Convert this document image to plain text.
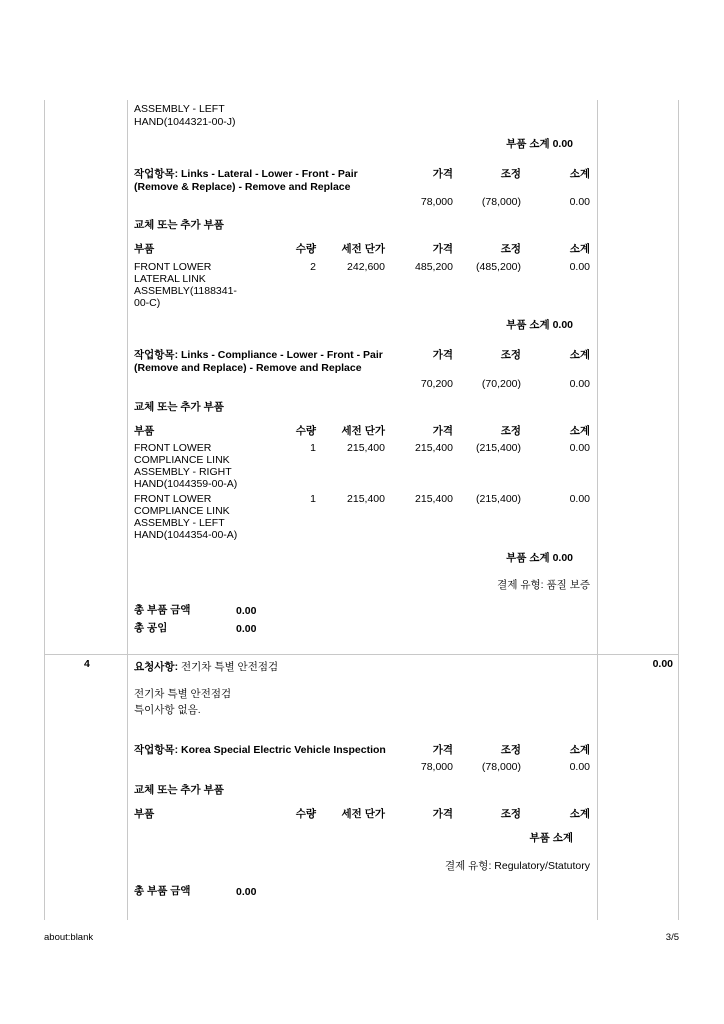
ASSEMBLY - LEFT
HAND(1044321-00-J)
부품 소계 0.00
작업항목: Links - Lateral - Lower - Front - Pair
(Remove & Replace) - Remove and Replace
가격	조정	소계
78,000	(78,000)	0.00
교체 또는 추가 부품
부품	수량	세전 단가	가격	조정	소계
FRONT LOWER
LATERAL LINK
ASSEMBLY(1188341-
00-C)
2	242,600	485,200	(485,200)	0.00
부품 소계 0.00
작업항목: Links - Compliance - Lower - Front - Pair
(Remove and Replace) - Remove and Replace
가격	조정	소계
70,200	(70,200)	0.00
교체 또는 추가 부품
부품	수량	세전 단가	가격	조정	소계
FRONT LOWER
COMPLIANCE LINK
ASSEMBLY - RIGHT
HAND(1044359-00-A)
1	215,400	215,400	(215,400)	0.00
FRONT LOWER
COMPLIANCE LINK
ASSEMBLY - LEFT
HAND(1044354-00-A)
1	215,400	215,400	(215,400)	0.00
부품 소계 0.00
결제 유형: 품질 보증
총 부품 금액	0.00
총 공임	0.00
4	요청사항: 전기차 특별 안전점검	0.00
전기차 특별 안전점검
특이사항 없음.
작업항목: Korea Special Electric Vehicle Inspection	가격	조정	소계
78,000	(78,000)	0.00
교체 또는 추가 부품
부품	수량	세전 단가	가격	조정	소계
부품 소계
결제 유형: Regulatory/Statutory
총 부품 금액	0.00
about:blank	3/5
